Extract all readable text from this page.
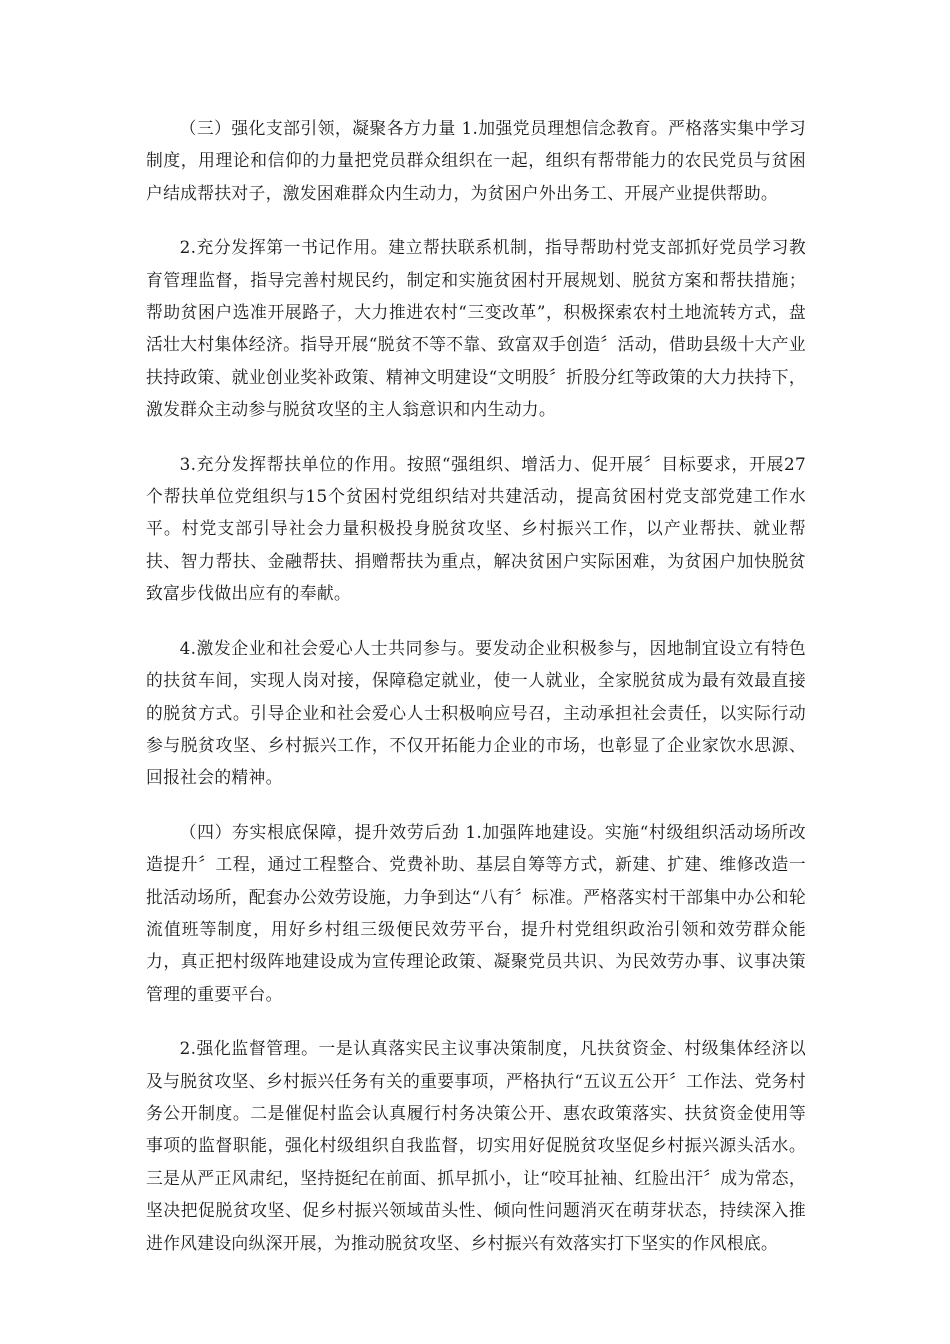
（三）强化支部引领，凝聚各方力量 1.加强党员理想信念教育。严格落实集中学习制度，用理论和信仰的力量把党员群众组织在一起，组织有帮带能力的农民党员与贫困户结成帮扶对子，激发困难群众内生动力，为贫困户外出务工、开展产业提供帮助。

2.充分发挥第一书记作用。建立帮扶联系机制，指导帮助村党支部抓好党员学习教育管理监督，指导完善村规民约，制定和实施贫困村开展规划、脱贫方案和帮扶措施；帮助贫困户选准开展路子，大力推进农村“三变改革”，积极探索农村土地流转方式，盘活壮大村集体经济。指导开展“脱贫不等不靠、致富双手创造〞活动，借助县级十大产业扶持政策、就业创业奖补政策、精神文明建设“文明股〞折股分红等政策的大力扶持下，激发群众主动参与脱贫攻坚的主人翁意识和内生动力。

3.充分发挥帮扶单位的作用。按照“强组织、增活力、促开展〞目标要求，开展27个帮扶单位党组织与15个贫困村党组织结对共建活动，提高贫困村党支部党建工作水平。村党支部引导社会力量积极投身脱贫攻坚、乡村振兴工作，以产业帮扶、就业帮扶、智力帮扶、金融帮扶、捐赠帮扶为重点，解决贫困户实际困难，为贫困户加快脱贫致富步伐做出应有的奉献。

4.激发企业和社会爱心人士共同参与。要发动企业积极参与，因地制宜设立有特色的扶贫车间，实现人岗对接，保障稳定就业，使一人就业，全家脱贫成为最有效最直接的脱贫方式。引导企业和社会爱心人士积极响应号召，主动承担社会责任，以实际行动参与脱贫攻坚、乡村振兴工作，不仅开拓能力企业的市场，也彰显了企业家饮水思源、回报社会的精神。

（四）夯实根底保障，提升效劳后劲 1.加强阵地建设。实施“村级组织活动场所改造提升〞工程，通过工程整合、党费补助、基层自筹等方式，新建、扩建、维修改造一批活动场所，配套办公效劳设施，力争到达“八有〞标准。严格落实村干部集中办公和轮流值班等制度，用好乡村组三级便民效劳平台，提升村党组织政治引领和效劳群众能力，真正把村级阵地建设成为宣传理论政策、凝聚党员共识、为民效劳办事、议事决策管理的重要平台。

2.强化监督管理。一是认真落实民主议事决策制度，凡扶贫资金、村级集体经济以及与脱贫攻坚、乡村振兴任务有关的重要事项，严格执行“五议五公开〞工作法、党务村务公开制度。二是催促村监会认真履行村务决策公开、惠农政策落实、扶贫资金使用等事项的监督职能，强化村级组织自我监督，切实用好促脱贫攻坚促乡村振兴源头活水。三是从严正风肃纪，坚持挺纪在前面、抓早抓小，让“咬耳扯袖、红脸出汗〞成为常态，坚决把促脱贫攻坚、促乡村振兴领域苗头性、倾向性问题消灭在萌芽状态，持续深入推进作风建设向纵深开展，为推动脱贫攻坚、乡村振兴有效落实打下坚实的作风根底。
